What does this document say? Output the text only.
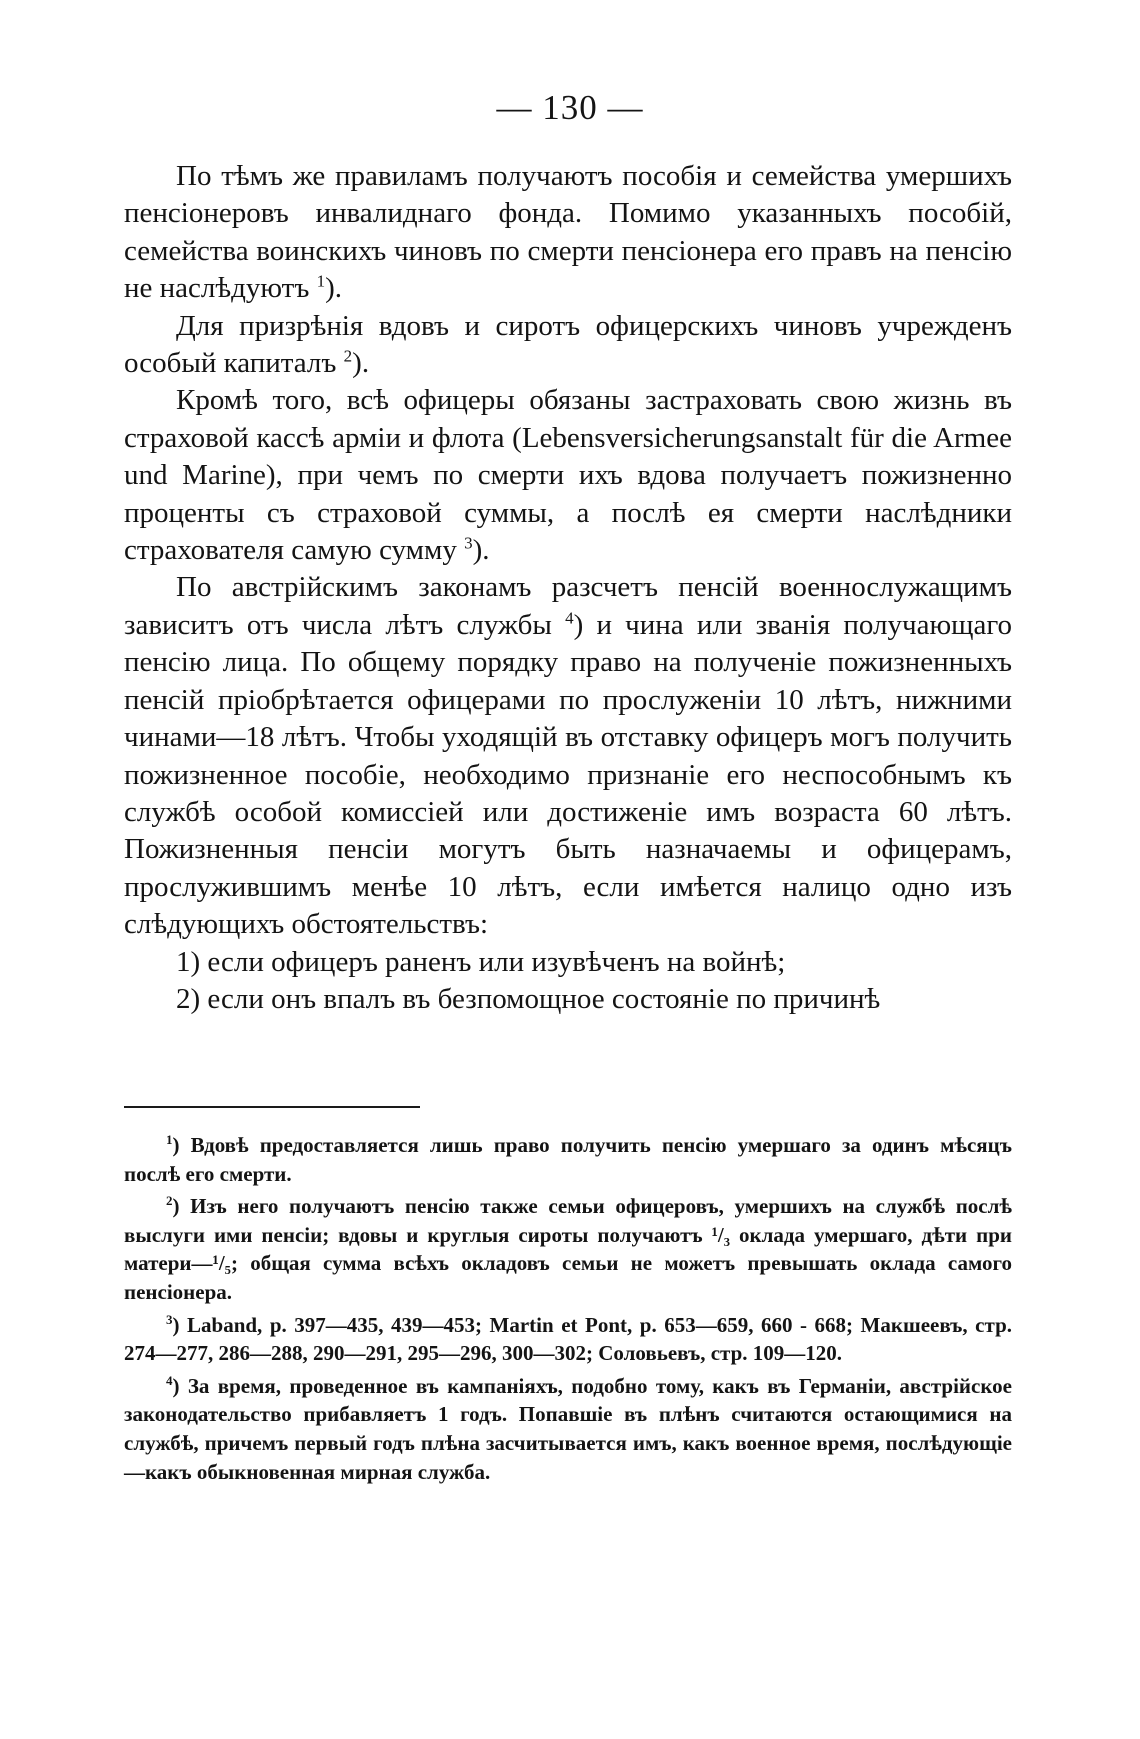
— 130 —

По тѣмъ же правиламъ получаютъ пособія и семейства умершихъ пенсіонеровъ инвалиднаго фонда. Помимо указанныхъ пособій, семейства воинскихъ чиновъ по смерти пенсіонера его правъ на пенсію не наслѣдуютъ $^1$).

Для призрѣнія вдовъ и сиротъ офицерскихъ чиновъ учрежденъ особый капиталъ $^2$).

Кромѣ того, всѣ офицеры обязаны застраховать свою жизнь въ страховой кассѣ арміи и флота (Lebensversicherungsanstalt für die Armee und Marine), при чемъ по смерти ихъ вдова получаетъ пожизненно проценты съ страховой суммы, а послѣ ея смерти наслѣдники страхователя самую сумму $^3$).

По австрійскимъ законамъ разсчетъ пенсій военнослужащимъ зависитъ отъ числа лѣтъ службы $^4$) и чина или званія получающаго пенсію лица. По общему порядку право на полученіе пожизненныхъ пенсій пріобрѣтается офицерами по прослуженіи 10 лѣтъ, нижними чинами—18 лѣтъ. Чтобы уходящій въ отставку офицеръ могъ получить пожизненное пособіе, необходимо признаніе его неспособнымъ къ службѣ особой комиссіей или достиженіе имъ возраста 60 лѣтъ. Пожизненныя пенсіи могутъ быть назначаемы и офицерамъ, прослужившимъ менѣе 10 лѣтъ, если имѣется налицо одно изъ слѣдующихъ обстоятельствъ:

1) если офицеръ раненъ или изувѣченъ на войнѣ;

2) если онъ впалъ въ безпомощное состояніе по причинѣ

$^1$) Вдовѣ предоставляется лишь право получить пенсію умершаго за одинъ мѣсяцъ послѣ его смерти.

$^2$) Изъ него получаютъ пенсію также семьи офицеровъ, умершихъ на службѣ послѣ выслуги ими пенсіи; вдовы и круглыя сироты получаютъ ¹/₃ оклада умершаго, дѣти при матери—¹/₅; общая сумма всѣхъ окладовъ семьи не можетъ превышать оклада самого пенсіонера.

$^3$) Laband, p. 397—435, 439—453; Martin et Pont, p. 653—659, 660 - 668; Макшеевъ, стр. 274—277, 286—288, 290—291, 295—296, 300—302; Соловьевъ, стр. 109—120.

$^4$) За время, проведенное въ кампаніяхъ, подобно тому, какъ въ Германіи, австрійское законодательство прибавляетъ 1 годъ. Попавшіе въ плѣнъ считаются остающимися на службѣ, причемъ первый годъ плѣна засчитывается имъ, какъ военное время, послѣдующіе—какъ обыкновенная мирная служба.
